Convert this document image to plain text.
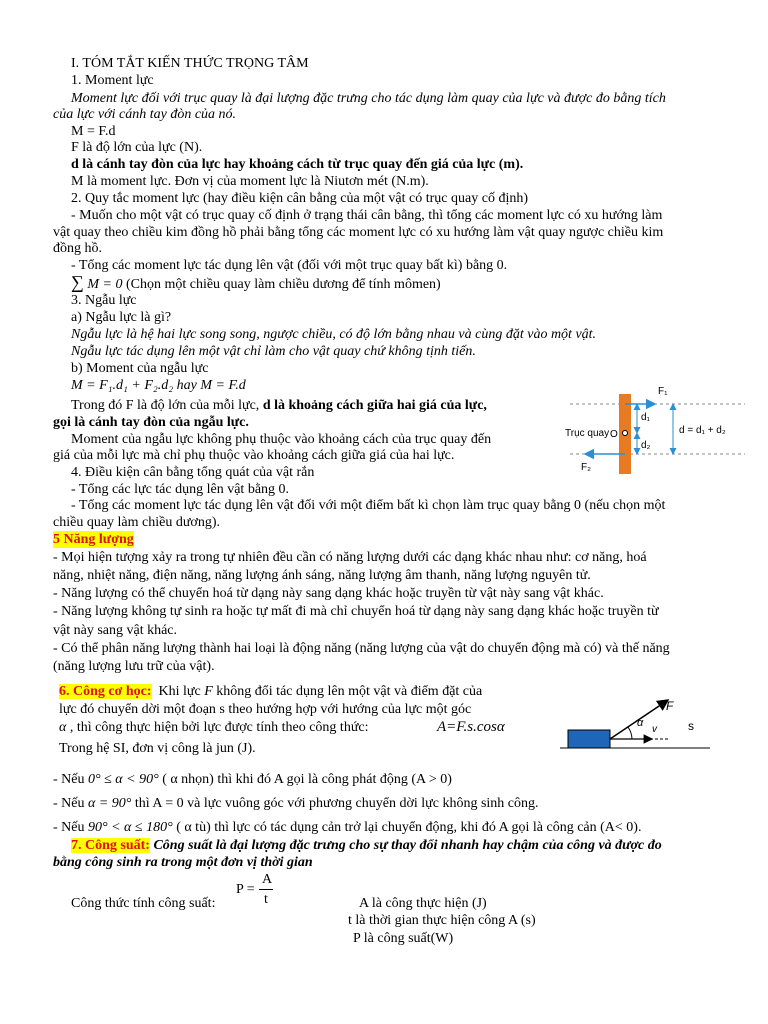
I. TÓM TẮT KIẾN THỨC TRỌNG TÂM
1. Moment lực
Moment lực đối với trục quay là đại lượng đặc trưng cho tác dụng làm quay của lực và được đo bằng tích
của lực với cánh tay đòn của nó.
M = F.d
F là độ lớn của lực (N).
d là cánh tay đòn của lực hay khoảng cách từ trục quay đến giá của lực (m).
M là moment lực. Đơn vị của moment lực là Niutơn mét (N.m).
2. Quy tắc moment lực (hay điều kiện cân bằng của một vật có trục quay cố định)
- Muốn cho một vật có trục quay cố định ở trạng thái cân bằng, thì tổng các moment lực có xu hướng làm
vật quay theo chiều kim đồng hồ phải bằng tổng các moment lực có xu hướng làm vật quay ngược chiều kim
đồng hồ.
- Tổng các moment lực tác dụng lên vật (đối với một trục quay bất kì) bằng 0.
∑ M = 0 (Chọn một chiều quay làm chiều dương để tính mômen)
3. Ngẫu lực
a) Ngẫu lực là gì?
Ngẫu lực là hệ hai lực song song, ngược chiều, có độ lớn bằng nhau và cùng đặt vào một vật.
Ngẫu lực tác dụng lên một vật chỉ làm cho vật quay chứ không tịnh tiến.
b) Moment của ngẫu lực
M = F₁.d₁ + F₂.d₂ hay M = F.d
Trong đó F là độ lớn của mỗi lực, d là khoảng cách giữa hai giá của lực,
gọi là cánh tay đòn của ngẫu lực.
Moment của ngẫu lực không phụ thuộc vào khoảng cách của trục quay đến
giá của mỗi lực mà chỉ phụ thuộc vào khoảng cách giữa giá của hai lực.
4. Điều kiện cân bằng tổng quát của vật rắn
- Tổng các lực tác dụng lên vật bằng 0.
- Tổng các moment lực tác dụng lên vật đối với một điểm bất kì chọn làm trục quay bằng 0 (nếu chọn một
chiều quay làm chiều dương).
Trục quay O
F₁
F₂
d₁
d₂
d = d₁ + d₂
5 Năng lượng
- Mọi hiện tượng xảy ra trong tự nhiên đều cần có năng lượng dưới các dạng khác nhau như: cơ năng, hoá
năng, nhiệt năng, điện năng, năng lượng ánh sáng, năng lượng âm thanh, năng lượng nguyên tử.
- Năng lượng có thể chuyển hoá từ dạng này sang dạng khác hoặc truyền từ vật này sang vật khác.
- Năng lượng không tự sinh ra hoặc tự mất đi mà chỉ chuyển hoá từ dạng này sang dạng khác hoặc truyền từ
vật này sang vật khác.
- Có thể phân năng lượng thành hai loại là động năng (năng lượng của vật do chuyển động mà có) và thế năng
(năng lượng lưu trữ của vật).
6. Công cơ học: Khi lực F không đổi tác dụng lên một vật và điểm đặt của
lực đó chuyển dời một đoạn s theo hướng hợp với hướng của lực một góc
α , thì công thực hiện bởi lực được tính theo công thức:	A=F.s.cosα
Trong hệ SI, đơn vị công là jun (J).
α
F
v	s
- Nếu 0° ≤ α < 90° ( α nhọn) thì khi đó A gọi là công phát động (A > 0)
- Nếu α = 90° thì A = 0 và lực vuông góc với phương chuyển dời lực không sinh công.
- Nếu 90° < α ≤ 180° ( α tù) thì lực có tác dụng cản trở lại chuyển động, khi đó A gọi là công cản (A< 0).
7. Công suất: Công suất là đại lượng đặc trưng cho sự thay đổi nhanh hay chậm của công và được đo
bằng công sinh ra trong một đơn vị thời gian
P =
A
t
Công thức tính công suất:	A là công thực hiện (J)
t là thời gian thực hiện công A (s)
P là công suất(W)
